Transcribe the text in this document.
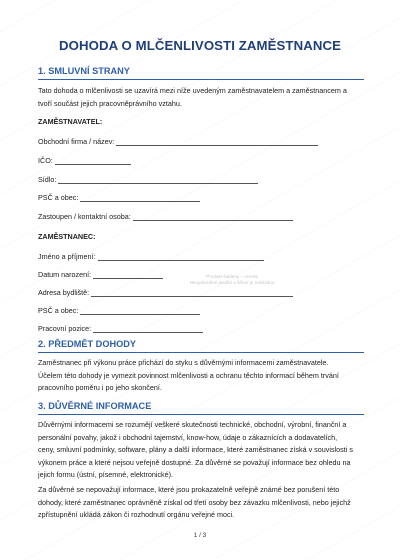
DOHODA O MLČENLIVOSTI ZAMĚSTNANCE
1. SMLUVNÍ STRANY
Tato dohoda o mlčenlivosti se uzavírá mezi níže uvedeným zaměstnavatelem a zaměstnancem a
tvoří součást jejich pracovněprávního vztahu.
ZAMĚSTNAVATEL:
Obchodní firma / název:
IČO:
Sídlo:
PSČ a obec:
Zastoupen / kontaktní osoba:
ZAMĚSTNANEC:
Jméno a příjmení:
Datum narození:
Adresa bydliště:
PSČ a obec:
Pracovní pozice:
Produkt šablony – vzorek
Neoprávněné použití a šíření je zakázáno
2. PŘEDMĚT DOHODY
Zaměstnanec při výkonu práce přichází do styku s důvěrnými informacemi zaměstnavatele.
Účelem této dohody je vymezit povinnost mlčenlivosti a ochranu těchto informací během trvání
pracovního poměru i po jeho skončení.
3. DŮVĚRNÉ INFORMACE
Důvěrnými informacemi se rozumějí veškeré skutečnosti technické, obchodní, výrobní, finanční a
personální povahy, jakož i obchodní tajemství, know-how, údaje o zákaznících a dodavatelích,
ceny, smluvní podmínky, software, plány a další informace, které zaměstnanec získá v souvislosti s
výkonem práce a které nejsou veřejně dostupné. Za důvěrné se považují informace bez ohledu na
jejich formu (ústní, písemné, elektronické).
Za důvěrné se nepovažují informace, které jsou prokazatelně veřejně známé bez porušení této
dohody, které zaměstnanec oprávněně získal od třetí osoby bez závazku mlčenlivosti, nebo jejichž
zpřístupnění ukládá zákon či rozhodnutí orgánu veřejné moci.
1 / 3
